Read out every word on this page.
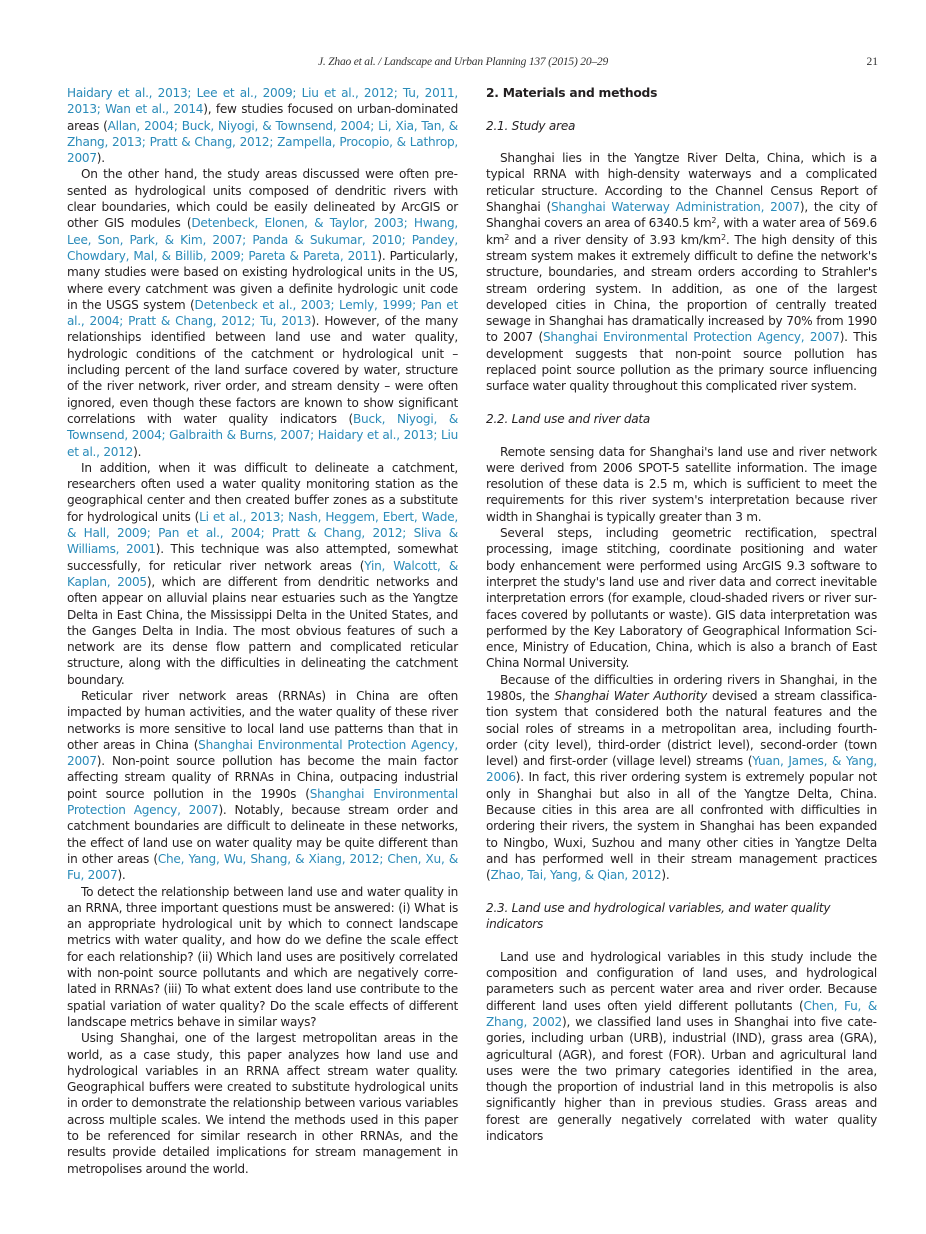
J. Zhao et al. / Landscape and Urban Planning 137 (2015) 20–29	21

Haidary et al., 2013; Lee et al., 2009; Liu et al., 2012; Tu, 2011, 2013; Wan et al., 2014), few studies focused on urban-dominated areas (Allan, 2004; Buck, Niyogi, & Townsend, 2004; Li, Xia, Tan, & Zhang, 2013; Pratt & Chang, 2012; Zampella, Procopio, & Lathrop, 2007).

On the other hand, the study areas discussed were often presented as hydrological units composed of dendritic rivers with clear boundaries, which could be easily delineated by ArcGIS or other GIS modules (Detenbeck, Elonen, & Taylor, 2003; Hwang, Lee, Son, Park, & Kim, 2007; Panda & Sukumar, 2010; Pandey, Chowdary, Mal, & Billib, 2009; Pareta & Pareta, 2011). Particularly, many studies were based on existing hydrological units in the US, where every catchment was given a definite hydrologic unit code in the USGS system (Detenbeck et al., 2003; Lemly, 1999; Pan et al., 2004; Pratt & Chang, 2012; Tu, 2013). However, of the many relationships identified between land use and water quality, hydrologic conditions of the catchment or hydrological unit – including percent of the land surface covered by water, structure of the river network, river order, and stream density – were often ignored, even though these factors are known to show significant correlations with water quality indicators (Buck, Niyogi, & Townsend, 2004; Galbraith & Burns, 2007; Haidary et al., 2013; Liu et al., 2012).

In addition, when it was difficult to delineate a catchment, researchers often used a water quality monitoring station as the geographical center and then created buffer zones as a substitute for hydrological units (Li et al., 2013; Nash, Heggem, Ebert, Wade, & Hall, 2009; Pan et al., 2004; Pratt & Chang, 2012; Sliva & Williams, 2001). This technique was also attempted, somewhat successfully, for reticular river network areas (Yin, Walcott, & Kaplan, 2005), which are different from dendritic networks and often appear on alluvial plains near estuaries such as the Yangtze Delta in East China, the Mississippi Delta in the United States, and the Ganges Delta in India. The most obvious features of such a network are its dense flow pattern and complicated reticular structure, along with the difficulties in delineating the catchment boundary.

Reticular river network areas (RRNAs) in China are often impacted by human activities, and the water quality of these river networks is more sensitive to local land use patterns than that in other areas in China (Shanghai Environmental Protection Agency, 2007). Non-point source pollution has become the main factor affecting stream quality of RRNAs in China, outpacing industrial point source pollution in the 1990s (Shanghai Environmental Protection Agency, 2007). Notably, because stream order and catchment boundaries are difficult to delineate in these networks, the effect of land use on water quality may be quite different than in other areas (Che, Yang, Wu, Shang, & Xiang, 2012; Chen, Xu, & Fu, 2007).

To detect the relationship between land use and water quality in an RRNA, three important questions must be answered: (i) What is an appropriate hydrological unit by which to connect landscape metrics with water quality, and how do we define the scale effect for each relationship? (ii) Which land uses are positively correlated with non-point source pollutants and which are negatively correlated in RRNAs? (iii) To what extent does land use contribute to the spatial variation of water quality? Do the scale effects of different landscape metrics behave in similar ways?

Using Shanghai, one of the largest metropolitan areas in the world, as a case study, this paper analyzes how land use and hydrological variables in an RRNA affect stream water quality. Geographical buffers were created to substitute hydrological units in order to demonstrate the relationship between various variables across multiple scales. We intend the methods used in this paper to be referenced for similar research in other RRNAs, and the results provide detailed implications for stream management in metropolises around the world.

2. Materials and methods
2.1. Study area

Shanghai lies in the Yangtze River Delta, China, which is a typical RRNA with high-density waterways and a complicated reticular structure. According to the Channel Census Report of Shanghai (Shanghai Waterway Administration, 2007), the city of Shanghai covers an area of 6340.5 $km^2$, with a water area of 569.6 $km^2$ and a river density of 3.93 $km/km^2$. The high density of this stream system makes it extremely difficult to define the network's structure, boundaries, and stream orders according to Strahler's stream ordering system. In addition, as one of the largest developed cities in China, the proportion of centrally treated sewage in Shanghai has dramatically increased by 70% from 1990 to 2007 (Shanghai Environmental Protection Agency, 2007). This development suggests that non-point source pollution has replaced point source pollution as the primary source influencing surface water quality throughout this complicated river system.

2.2. Land use and river data

Remote sensing data for Shanghai's land use and river network were derived from 2006 SPOT-5 satellite information. The image resolution of these data is 2.5 m, which is sufficient to meet the requirements for this river system's interpretation because river width in Shanghai is typically greater than 3 m.

Several steps, including geometric rectification, spectral processing, image stitching, coordinate positioning and water body enhancement were performed using ArcGIS 9.3 software to interpret the study's land use and river data and correct inevitable interpretation errors (for example, cloud-shaded rivers or river surfaces covered by pollutants or waste). GIS data interpretation was performed by the Key Laboratory of Geographical Information Science, Ministry of Education, China, which is also a branch of East China Normal University.

Because of the difficulties in ordering rivers in Shanghai, in the 1980s, the Shanghai Water Authority devised a stream classification system that considered both the natural features and the social roles of streams in a metropolitan area, including fourth-order (city level), third-order (district level), second-order (town level) and first-order (village level) streams (Yuan, James, & Yang, 2006). In fact, this river ordering system is extremely popular not only in Shanghai but also in all of the Yangtze Delta, China. Because cities in this area are all confronted with difficulties in ordering their rivers, the system in Shanghai has been expanded to Ningbo, Wuxi, Suzhou and many other cities in Yangtze Delta and has performed well in their stream management practices (Zhao, Tai, Yang, & Qian, 2012).

2.3. Land use and hydrological variables, and water quality indicators

Land use and hydrological variables in this study include the composition and configuration of land uses, and hydrological parameters such as percent water area and river order. Because different land uses often yield different pollutants (Chen, Fu, & Zhang, 2002), we classified land uses in Shanghai into five categories, including urban (URB), industrial (IND), grass area (GRA), agricultural (AGR), and forest (FOR). Urban and agricultural land uses were the two primary categories identified in the area, though the proportion of industrial land in this metropolis is also significantly higher than in previous studies. Grass areas and forest are generally negatively correlated with water quality indicators
